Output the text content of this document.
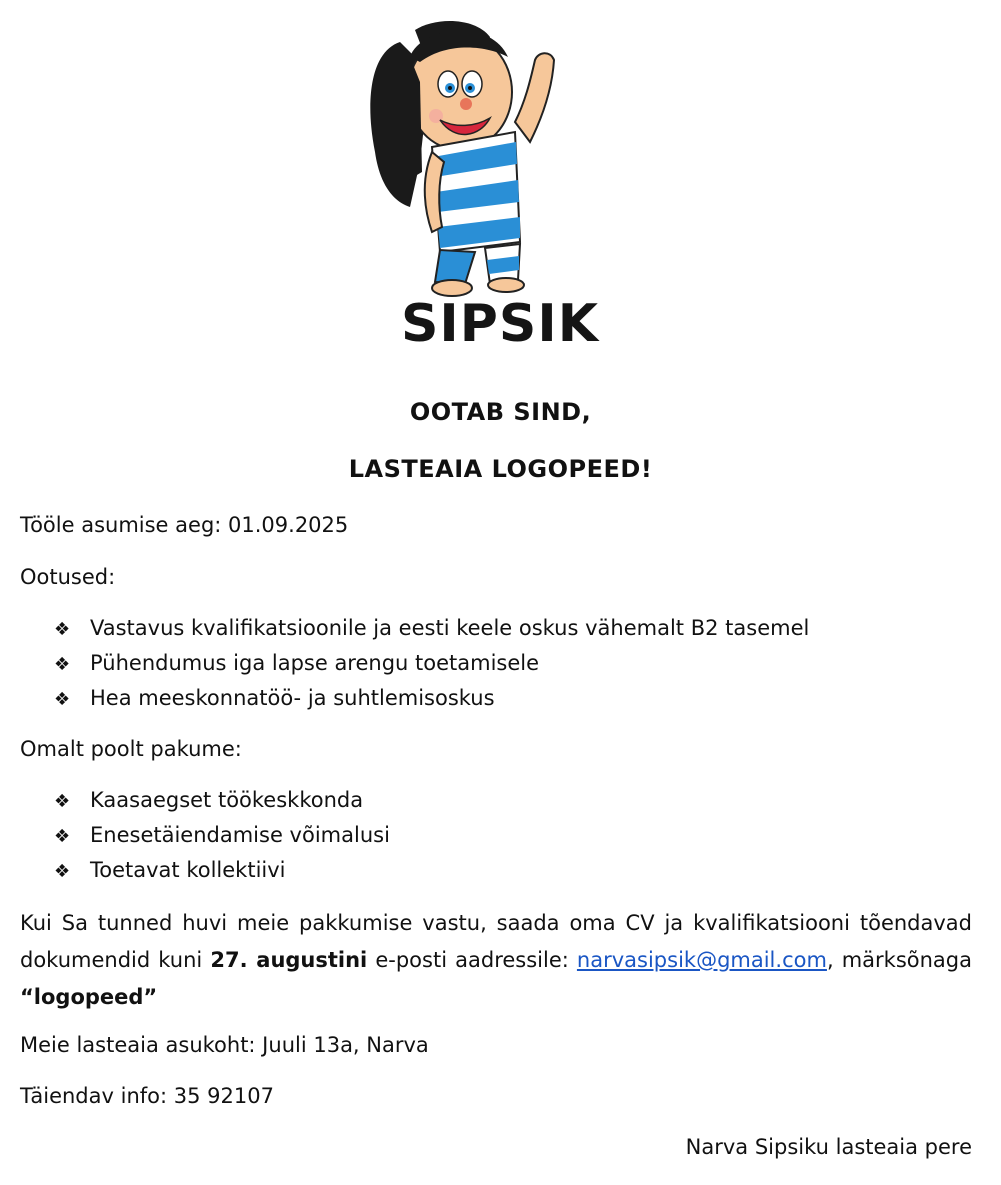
SIPSIK
OOTAB SIND,
LASTEAIA LOGOPEED!
Tööle asumise aeg: 01.09.2025
Ootused:
❖ Vastavus kvalifikatsioonile ja eesti keele oskus vähemalt B2 tasemel
❖ Pühendumus iga lapse arengu toetamisele
❖ Hea meeskonnatöö- ja suhtlemisoskus
Omalt poolt pakume:
❖ Kaasaegset töökeskkonda
❖ Enesetäiendamise võimalusi
❖ Toetavat kollektiivi
Kui Sa tunned huvi meie pakkumise vastu, saada oma CV ja kvalifikatsiooni tõendavad dokumendid kuni 27. augustini e-posti aadressile: narvasipsik@gmail.com, märksõnaga “logopeed”
Meie lasteaia asukoht: Juuli 13a, Narva
Täiendav info: 35 92107
Narva Sipsiku lasteaia pere
